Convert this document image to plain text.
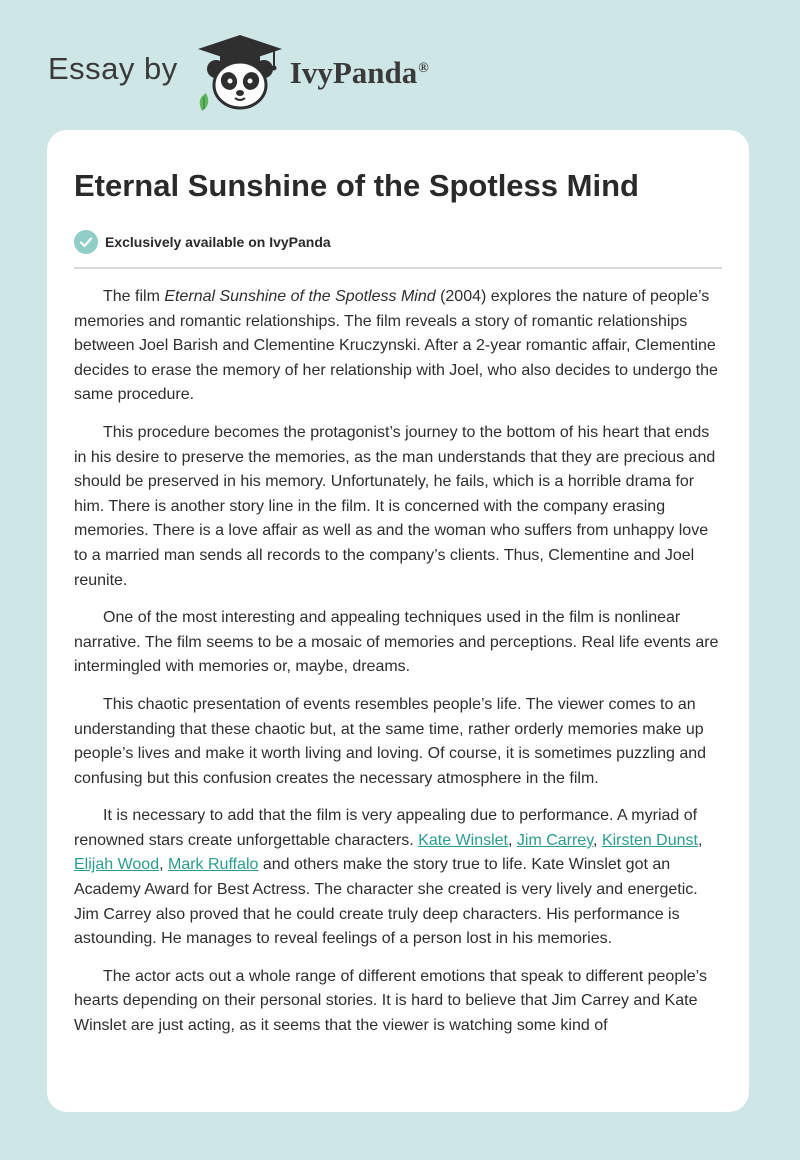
Essay by	IvyPanda®
Eternal Sunshine of the Spotless Mind
Exclusively available on IvyPanda

The film Eternal Sunshine of the Spotless Mind (2004) explores the nature of people’s memories and romantic relationships. The film reveals a story of romantic relationships between Joel Barish and Clementine Kruczynski. After a 2-year romantic affair, Clementine decides to erase the memory of her relationship with Joel, who also decides to undergo the same procedure.

This procedure becomes the protagonist’s journey to the bottom of his heart that ends in his desire to preserve the memories, as the man understands that they are precious and should be preserved in his memory. Unfortunately, he fails, which is a horrible drama for him. There is another story line in the film. It is concerned with the company erasing memories. There is a love affair as well as and the woman who suffers from unhappy love to a married man sends all records to the company’s clients. Thus, Clementine and Joel reunite.

One of the most interesting and appealing techniques used in the film is nonlinear narrative. The film seems to be a mosaic of memories and perceptions. Real life events are intermingled with memories or, maybe, dreams.

This chaotic presentation of events resembles people’s life. The viewer comes to an understanding that these chaotic but, at the same time, rather orderly memories make up people’s lives and make it worth living and loving. Of course, it is sometimes puzzling and confusing but this confusion creates the necessary atmosphere in the film.

It is necessary to add that the film is very appealing due to performance. A myriad of renowned stars create unforgettable characters. Kate Winslet, Jim Carrey, Kirsten Dunst, Elijah Wood, Mark Ruffalo and others make the story true to life. Kate Winslet got an Academy Award for Best Actress. The character she created is very lively and energetic. Jim Carrey also proved that he could create truly deep characters. His performance is astounding. He manages to reveal feelings of a person lost in his memories.

The actor acts out a whole range of different emotions that speak to different people’s hearts depending on their personal stories. It is hard to believe that Jim Carrey and Kate Winslet are just acting, as it seems that the viewer is watching some kind of
